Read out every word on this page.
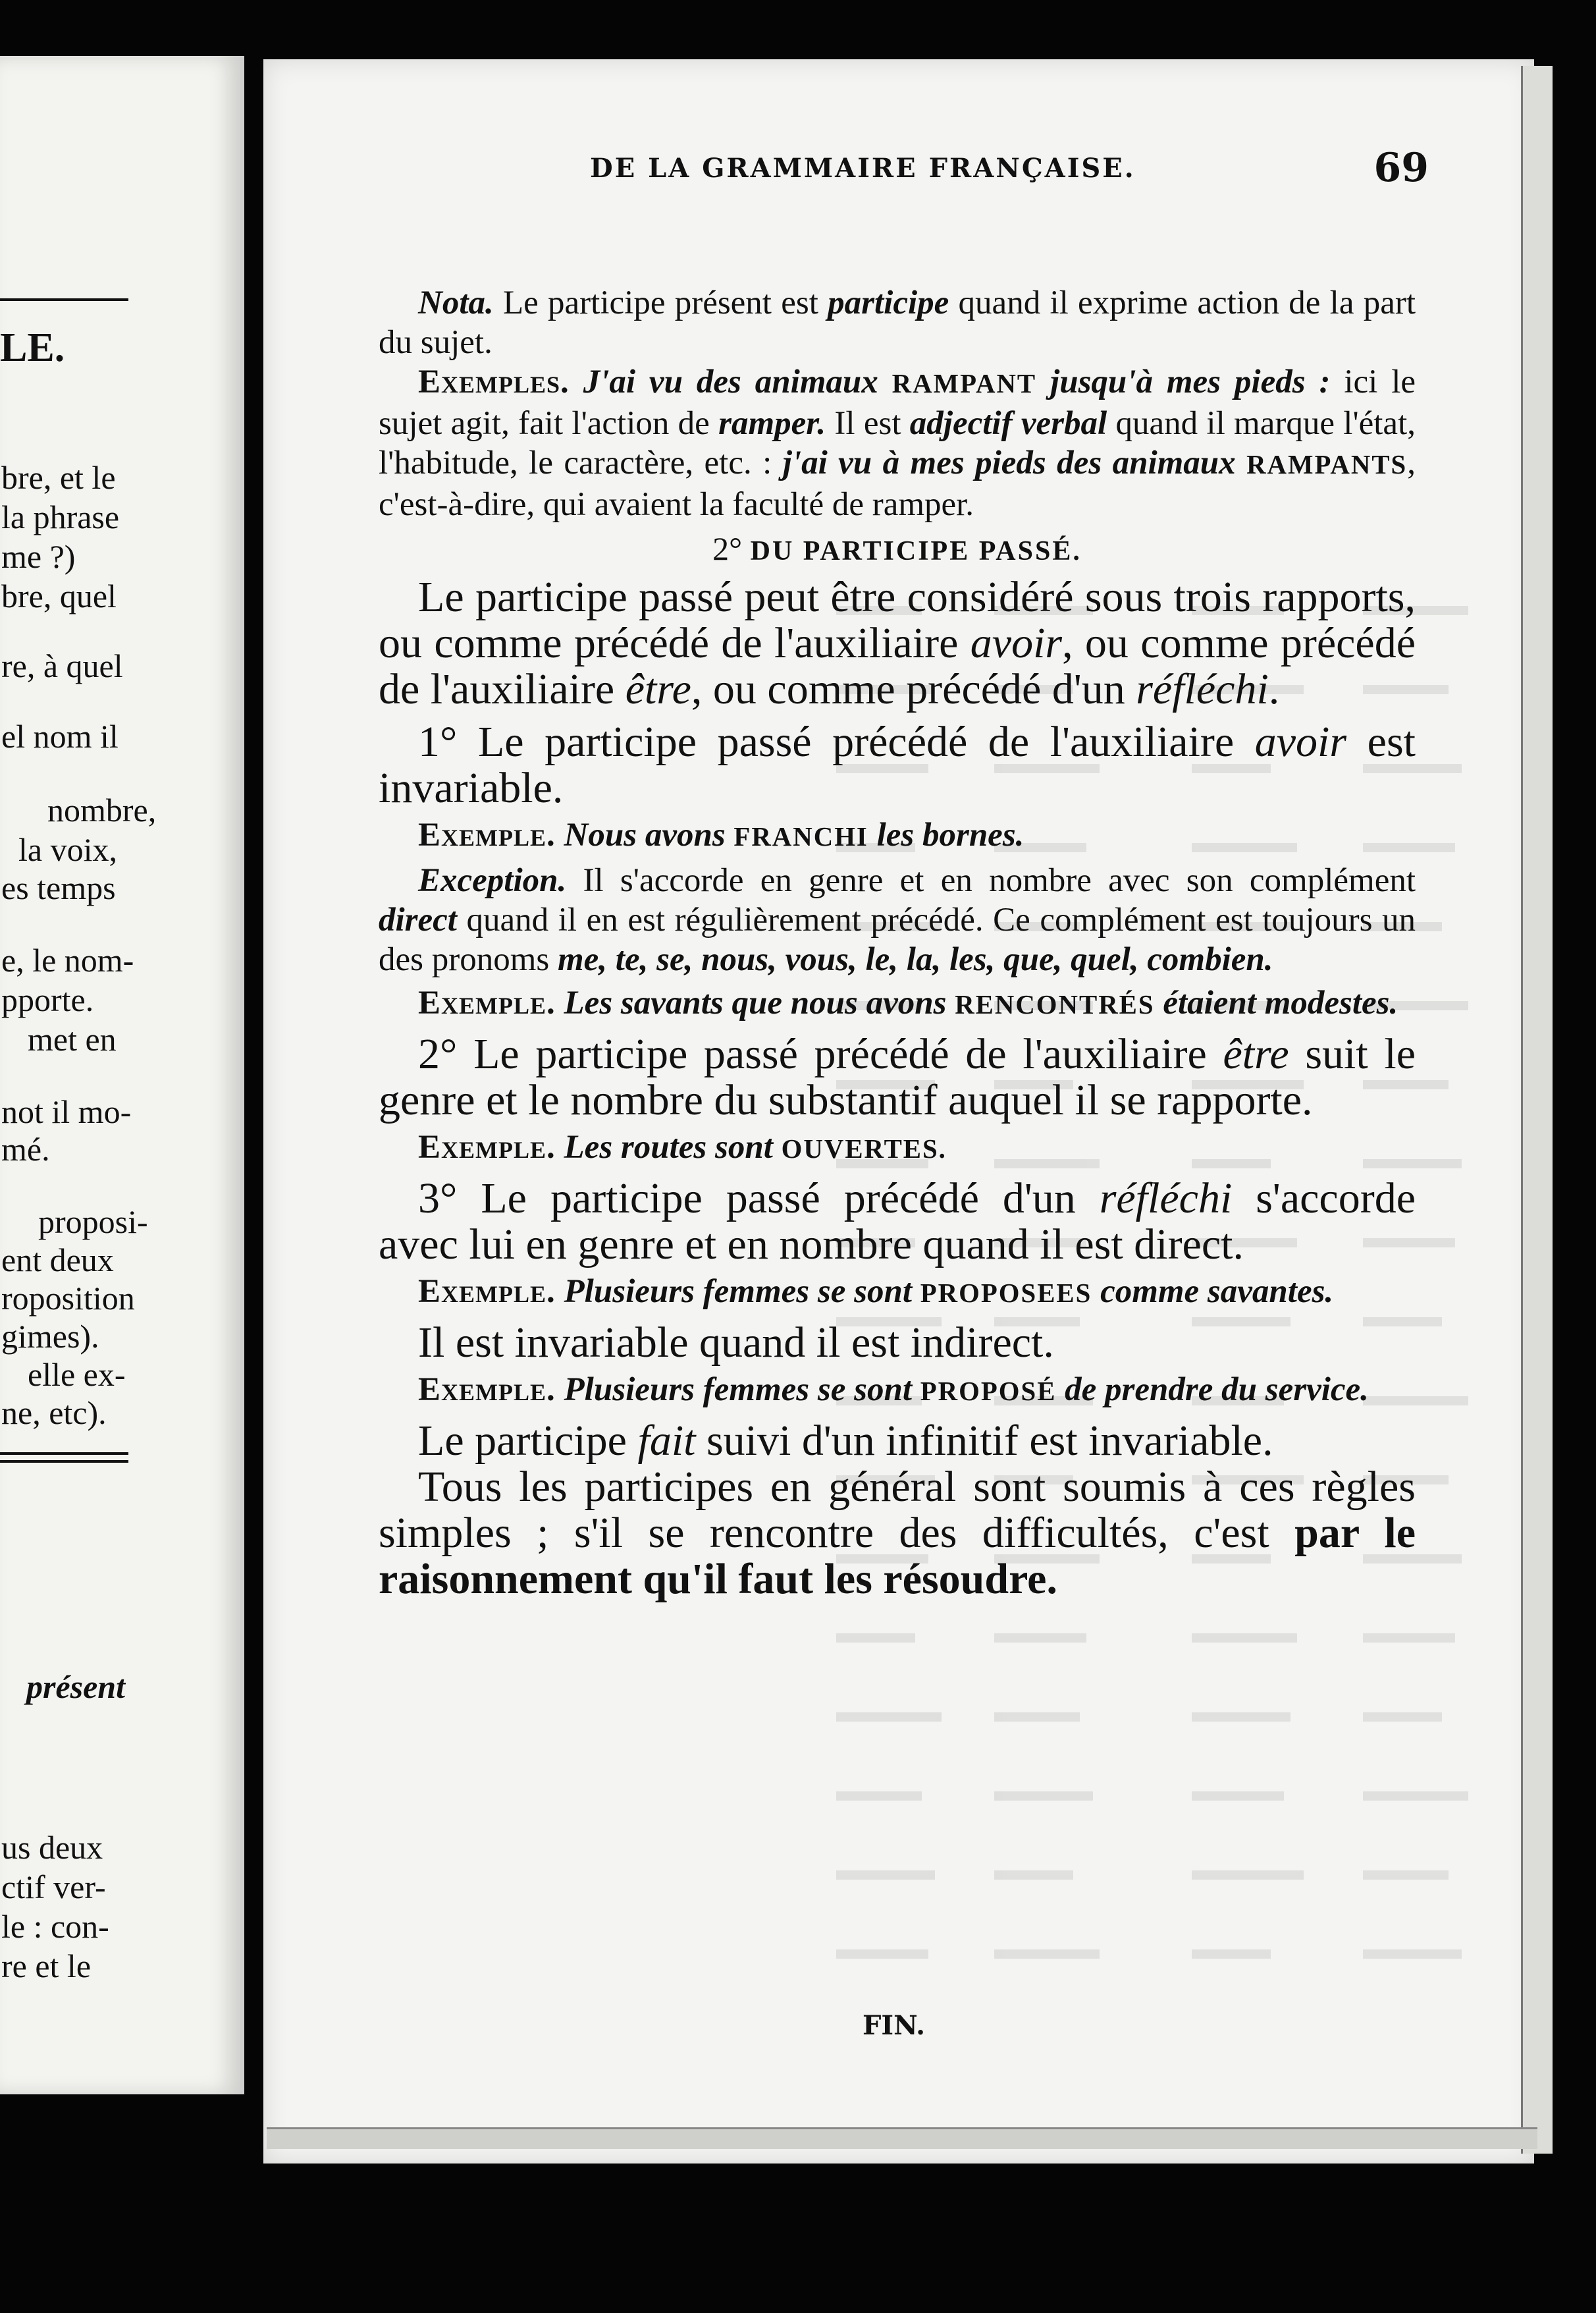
LE.
bre, et le
la phrase
me ?)
bre, quel
re, à quel
el nom il
nombre,
la voix,
es temps
e, le nom-
pporte.
met en
not il mo-
mé.
proposi-
ent deux
roposition
gimes).
elle ex-
ne, etc).
présent
us deux
ctif ver-
le : con-
re et le
DE LA GRAMMAIRE FRANÇAISE.	69

Nota. Le participe présent est participe quand il exprime action de la part du sujet.

Exemples. J'ai vu des animaux RAMPANT jusqu'à mes pieds : ici le sujet agit, fait l'action de ramper. Il est adjectif verbal quand il marque l'état, l'habitude, le caractère, etc. : j'ai vu à mes pieds des animaux RAMPANTS, c'est-à-dire, qui avaient la faculté de ramper.

2° DU PARTICIPE PASSÉ.

Le participe passé peut être considéré sous trois rapports, ou comme précédé de l'auxiliaire avoir, ou comme précédé de l'auxiliaire être, ou comme précédé d'un réfléchi.

1° Le participe passé précédé de l'auxiliaire avoir est invariable.

Exemple. Nous avons FRANCHI les bornes.

Exception. Il s'accorde en genre et en nombre avec son complément direct quand il en est régulièrement précédé. Ce complément est toujours un des pronoms me, te, se, nous, vous, le, la, les, que, quel, combien.

Exemple. Les savants que nous avons RENCONTRÉS étaient modestes.

2° Le participe passé précédé de l'auxiliaire être suit le genre et le nombre du substantif auquel il se rapporte.

Exemple. Les routes sont OUVERTES.

3° Le participe passé précédé d'un réfléchi s'accorde avec lui en genre et en nombre quand il est direct.

Exemple. Plusieurs femmes se sont PROPOSEES comme savantes.

Il est invariable quand il est indirect.

Exemple. Plusieurs femmes se sont PROPOSÉ de prendre du service.

Le participe fait suivi d'un infinitif est invariable.

Tous les participes en général sont soumis à ces règles simples ; s'il se rencontre des difficultés, c'est par le raisonnement qu'il faut les résoudre.

FIN.
